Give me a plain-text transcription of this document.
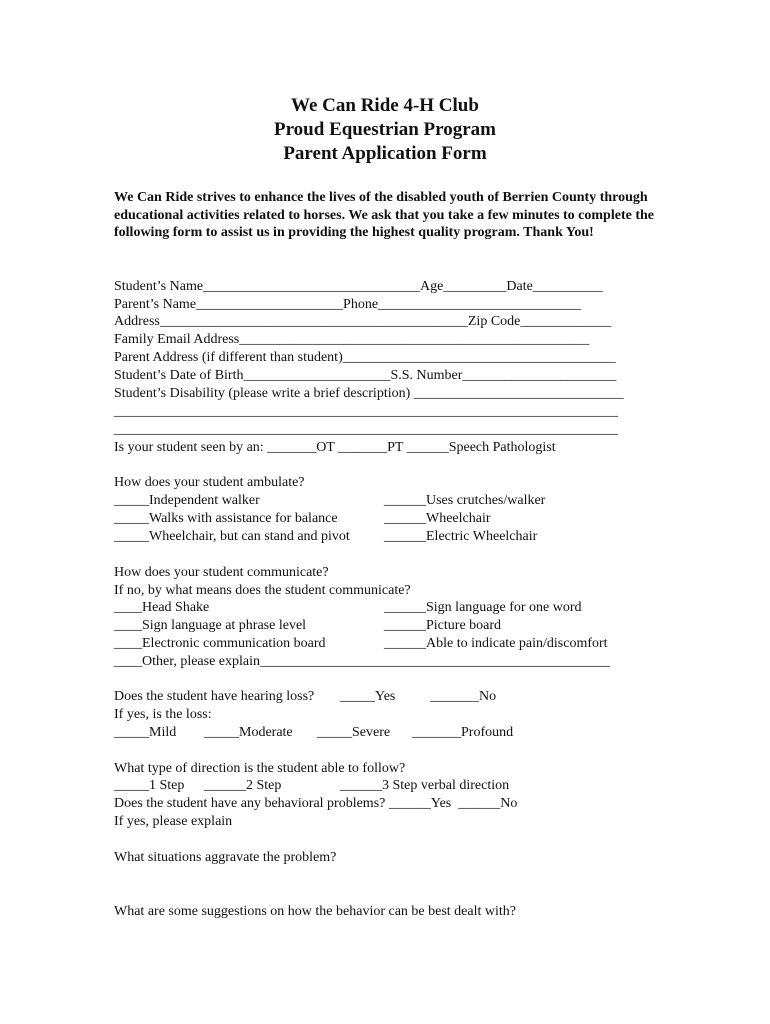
We Can Ride 4-H Club
Proud Equestrian Program
Parent Application Form
We Can Ride strives to enhance the lives of the disabled youth of Berrien County through educational activities related to horses. We ask that you take a few minutes to complete the following form to assist us in providing the highest quality program. Thank You!
Student’s Name_______________________________Age_________Date__________
Parent’s Name_____________________Phone_____________________________
Address____________________________________________Zip Code_____________
Family Email Address__________________________________________________
Parent Address (if different than student)_______________________________________
Student’s Date of Birth_____________________S.S. Number______________________
Student’s Disability (please write a brief description) ______________________________
________________________________________________________________________
________________________________________________________________________
Is your student seen by an: _______OT _______PT ______Speech Pathologist
How does your student ambulate?
_____Independent walker	______Uses crutches/walker
_____Walks with assistance for balance	______Wheelchair
_____Wheelchair, but can stand and pivot ______Electric Wheelchair
How does your student communicate?
If no, by what means does the student communicate?
____Head Shake	______Sign language for one word
____Sign language at phrase level	______Picture board
____Electronic communication board	______Able to indicate pain/discomfort
____Other, please explain__________________________________________________
Does the student have hearing loss? _____Yes _______No
If yes, is the loss:
_____Mild _____Moderate _____Severe _______Profound
What type of direction is the student able to follow?
_____1 Step ______2 Step	______3 Step verbal direction
Does the student have any behavioral problems? ______Yes  ______No
If yes, please explain
What situations aggravate the problem?
What are some suggestions on how the behavior can be best dealt with?
